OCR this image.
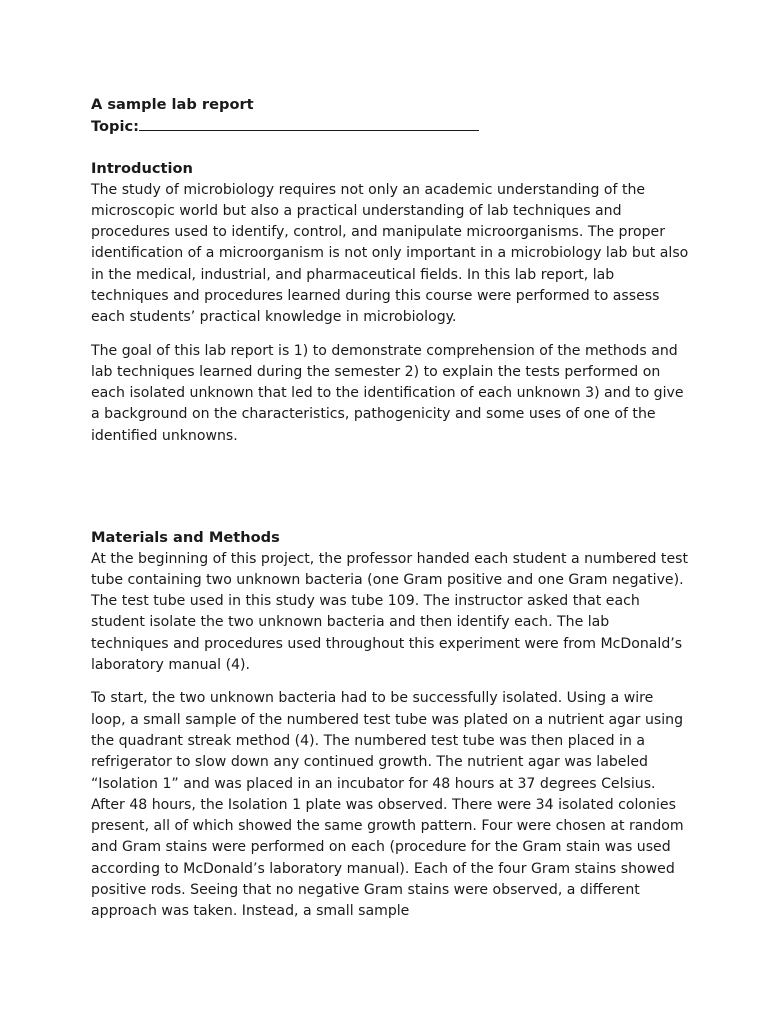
A sample lab report
Topic:
Introduction

The study of microbiology requires not only an academic understanding of the microscopic world but also a practical understanding of lab techniques and procedures used to identify, control, and manipulate microorganisms. The proper identification of a microorganism is not only important in a microbiology lab but also in the medical, industrial, and pharmaceutical fields. In this lab report, lab techniques and procedures learned during this course were performed to assess each students’ practical knowledge in microbiology.

The goal of this lab report is 1) to demonstrate comprehension of the methods and lab techniques learned during the semester 2) to explain the tests performed on each isolated unknown that led to the identification of each unknown 3) and to give a background on the characteristics, pathogenicity and some uses of one of the identified unknowns.

Materials and Methods

At the beginning of this project, the professor handed each student a numbered test tube containing two unknown bacteria (one Gram positive and one Gram negative). The test tube used in this study was tube 109. The instructor asked that each student isolate the two unknown bacteria and then identify each. The lab techniques and procedures used throughout this experiment were from McDonald’s laboratory manual (4).

To start, the two unknown bacteria had to be successfully isolated. Using a wire loop, a small sample of the numbered test tube was plated on a nutrient agar using the quadrant streak method (4). The numbered test tube was then placed in a refrigerator to slow down any continued growth. The nutrient agar was labeled “Isolation 1” and was placed in an incubator for 48 hours at 37 degrees Celsius. After 48 hours, the Isolation 1 plate was observed. There were 34 isolated colonies present, all of which showed the same growth pattern. Four were chosen at random and Gram stains were performed on each (procedure for the Gram stain was used according to McDonald’s laboratory manual). Each of the four Gram stains showed positive rods. Seeing that no negative Gram stains were observed, a different approach was taken. Instead, a small sample
